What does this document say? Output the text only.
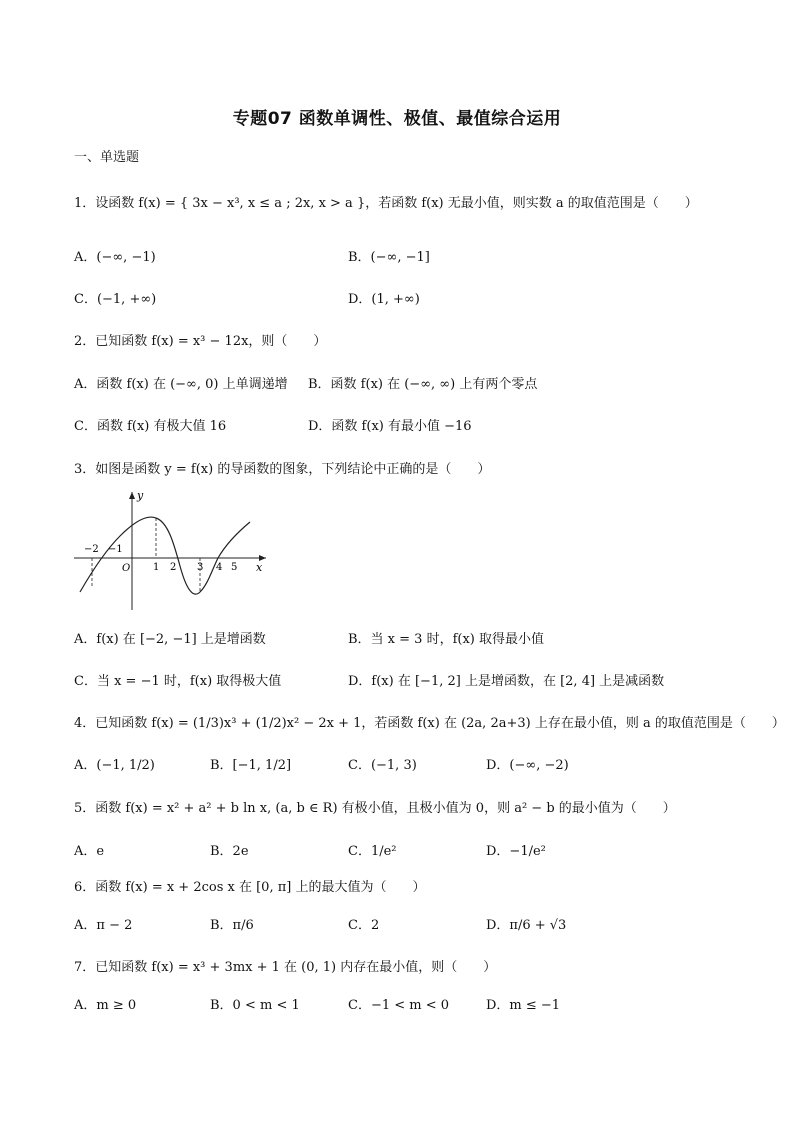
专题07 函数单调性、极值、最值综合运用
一、单选题
1．设函数 f(x) = { 3x − x³, x ≤ a ; 2x, x > a }，若函数 f(x) 无最小值，则实数 a 的取值范围是（　　）
A．(−∞, −1)	B．(−∞, −1]
C．(−1, +∞)	D．(1, +∞)
2．已知函数 f(x) = x³ − 12x，则（　　）
A．函数 f(x) 在 (−∞, 0) 上单调递增 B．函数 f(x) 在 (−∞, ∞) 上有两个零点
C．函数 f(x) 有极大值 16	D．函数 f(x) 有最小值 −16
3．如图是函数 y = f(x) 的导函数的图象，下列结论中正确的是（　　）
y
x
O
−2 −1
1 2 3 4 5
A．f(x) 在 [−2, −1] 上是增函数	B．当 x = 3 时，f(x) 取得最小值
C．当 x = −1 时，f(x) 取得极大值	D．f(x) 在 [−1, 2] 上是增函数，在 [2, 4] 上是减函数
4．已知函数 f(x) = (1/3)x³ + (1/2)x² − 2x + 1，若函数 f(x) 在 (2a, 2a+3) 上存在最小值，则 a 的取值范围是（　　）
A．(−1, 1/2)	B．[−1, 1/2]	C．(−1, 3)	D．(−∞, −2)
5．函数 f(x) = x² + a² + b ln x, (a, b ∈ R) 有极小值，且极小值为 0，则 a² − b 的最小值为（　　）
A．e	B．2e	C．1/e²	D．−1/e²
6．函数 f(x) = x + 2cos x 在 [0, π] 上的最大值为（　　）
A．π − 2	B．π/6	C．2	D．π/6 + √3
7．已知函数 f(x) = x³ + 3mx + 1 在 (0, 1) 内存在最小值，则（　　）
A．m ≥ 0	B．0 < m < 1	C．−1 < m < 0	D．m ≤ −1
